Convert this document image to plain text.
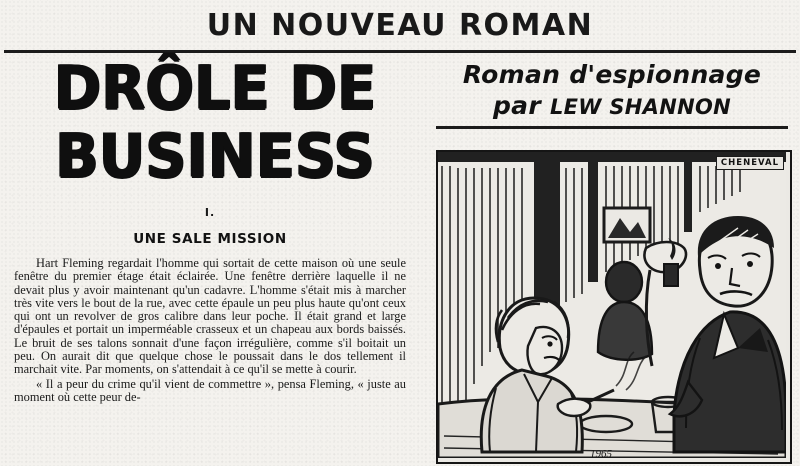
UN NOUVEAU ROMAN
DRÔLE DE
BUSINESS
Roman d'espionnage
par LEW SHANNON
I.
UNE SALE MISSION

Hart Fleming regardait l'homme qui sortait de cette maison où une seule fenêtre du premier étage était éclairée. Une fenêtre derrière laquelle il ne devait plus y avoir maintenant qu'un cadavre. L'homme s'était mis à marcher très vite vers le bout de la rue, avec cette épaule un peu plus haute qu'ont ceux qui ont un revolver de gros calibre dans leur poche. Il était grand et large d'épaules et portait un imperméable crasseux et un chapeau aux bords baissés. Le bruit de ses talons sonnait d'une façon irrégulière, comme s'il boitait un peu. On aurait dit que quelque chose le poussait dans le dos tellement il marchait vite. Par moments, on s'attendait à ce qu'il se mette à courir.

« Il a peur du crime qu'il vient de commettre », pensa Fleming, « juste au moment où cette peur de-

CHENEVAL
1965
